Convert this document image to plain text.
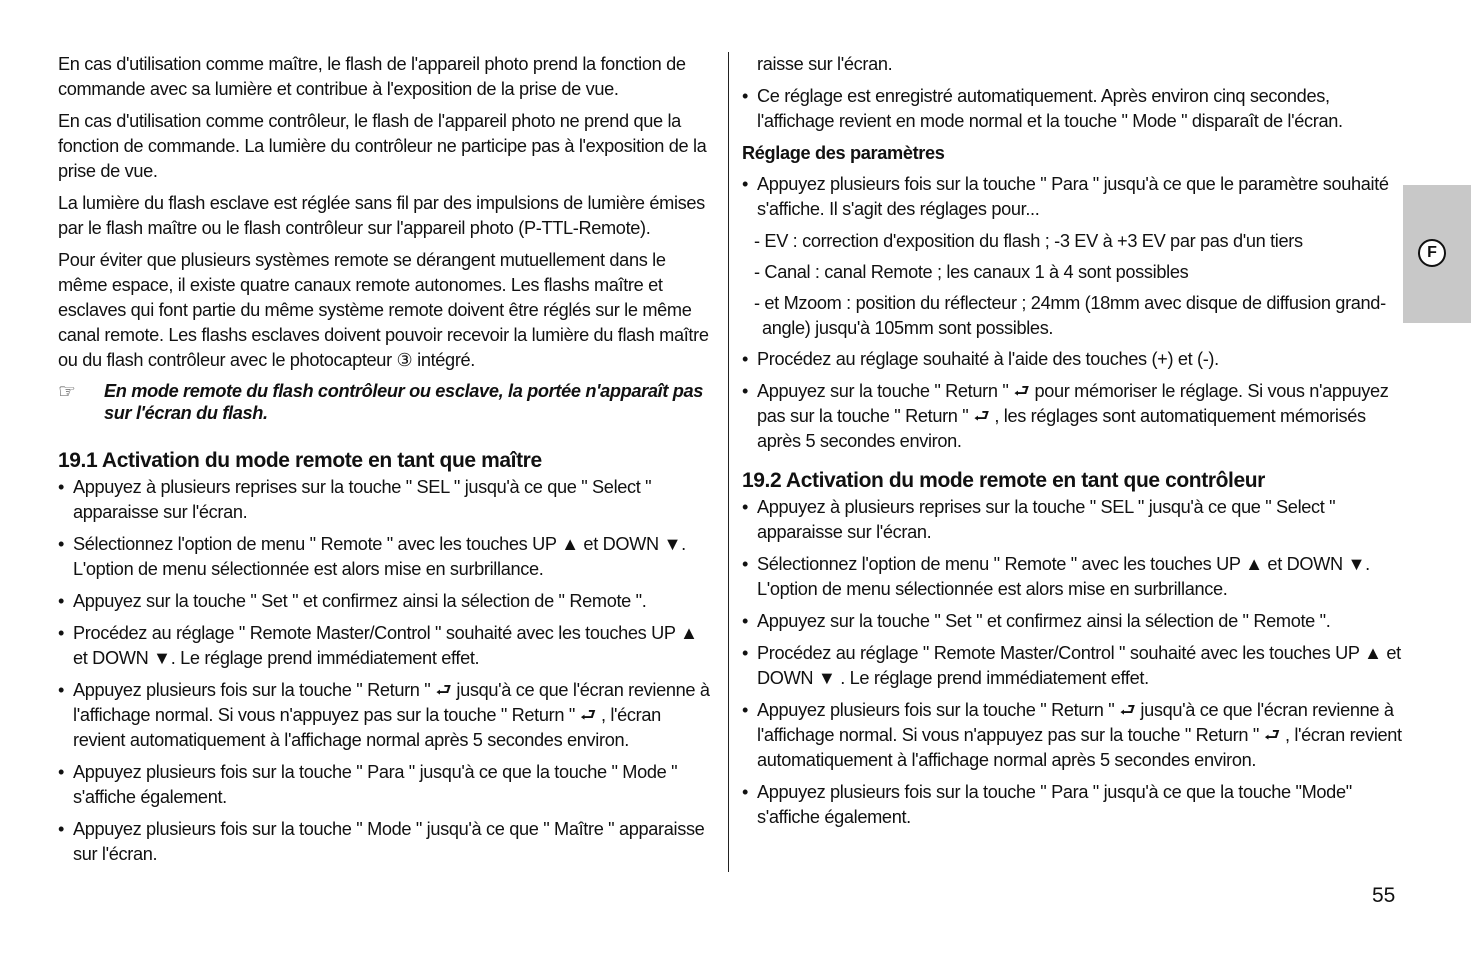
En cas d'utilisation comme maître, le flash de l'appareil photo prend la fonction de commande avec sa lumière et contribue à l'exposition de la prise de vue.

En cas d'utilisation comme contrôleur, le flash de l'appareil photo ne prend que la fonction de commande. La lumière du contrôleur ne participe pas à l'exposition de la prise de vue.

La lumière du flash esclave est réglée sans fil par des impulsions de lumière émises par le flash maître ou le flash contrôleur sur l'appareil photo (P-TTL-Remote).

Pour éviter que plusieurs systèmes remote se dérangent mutuellement dans le même espace, il existe quatre canaux remote autonomes. Les flashs maître et esclaves qui font partie du même système remote doivent être réglés sur le même canal remote. Les flashs esclaves doivent pouvoir recevoir la lumière du flash maître ou du flash contrôleur avec le photocapteur ③ intégré.

☞	En mode remote du flash contrôleur ou esclave, la portée n'apparaît pas sur l'écran du flash.
19.1 Activation du mode remote en tant que maître
• Appuyez à plusieurs reprises sur la touche " SEL " jusqu'à ce que " Select " apparaisse sur l'écran.
• Sélectionnez l'option de menu " Remote " avec les touches UP ▲ et DOWN ▼. L'option de menu sélectionnée est alors mise en surbrillance.
• Appuyez sur la touche " Set " et confirmez ainsi la sélection de " Remote ".
• Procédez au réglage " Remote Master/Control " souhaité avec les touches UP ▲ et DOWN ▼. Le réglage prend immédiatement effet.
• Appuyez plusieurs fois sur la touche " Return " ⮐ jusqu'à ce que l'écran revienne à l'affichage normal. Si vous n'appuyez pas sur la touche " Return " ⮐ , l'écran revient automatiquement à l'affichage normal après 5 secondes environ.
• Appuyez plusieurs fois sur la touche " Para " jusqu'à ce que la touche " Mode " s'affiche également.
• Appuyez plusieurs fois sur la touche " Mode " jusqu'à ce que " Maître " apparaisse sur l'écran.
raisse sur l'écran.
• Ce réglage est enregistré automatiquement. Après environ cinq secondes, l'affichage revient en mode normal et la touche " Mode " disparaît de l'écran.
Réglage des paramètres
• Appuyez plusieurs fois sur la touche " Para " jusqu'à ce que le paramètre souhaité s'affiche. Il s'agit des réglages pour...
- EV : correction d'exposition du flash ; -3 EV à +3 EV par pas d'un tiers
- Canal : canal Remote ; les canaux 1 à 4 sont possibles
- et Mzoom : position du réflecteur ; 24mm (18mm avec disque de diffusion grand-angle) jusqu'à 105mm sont possibles.
• Procédez au réglage souhaité à l'aide des touches (+) et (-).
• Appuyez sur la touche " Return " ⮐ pour mémoriser le réglage. Si vous n'appuyez pas sur la touche " Return " ⮐ , les réglages sont automatiquement mémorisés après 5 secondes environ.
19.2 Activation du mode remote en tant que contrôleur
• Appuyez à plusieurs reprises sur la touche " SEL " jusqu'à ce que " Select " apparaisse sur l'écran.
• Sélectionnez l'option de menu " Remote " avec les touches UP ▲ et DOWN ▼. L'option de menu sélectionnée est alors mise en surbrillance.
• Appuyez sur la touche " Set " et confirmez ainsi la sélection de " Remote ".
• Procédez au réglage " Remote Master/Control " souhaité avec les touches UP ▲ et DOWN ▼ . Le réglage prend immédiatement effet.
• Appuyez plusieurs fois sur la touche " Return " ⮐ jusqu'à ce que l'écran revienne à l'affichage normal. Si vous n'appuyez pas sur la touche " Return " ⮐ , l'écran revient automatiquement à l'affichage normal après 5 secondes environ.
• Appuyez plusieurs fois sur la touche " Para " jusqu'à ce que la touche "Mode" s'affiche également.
F
55
